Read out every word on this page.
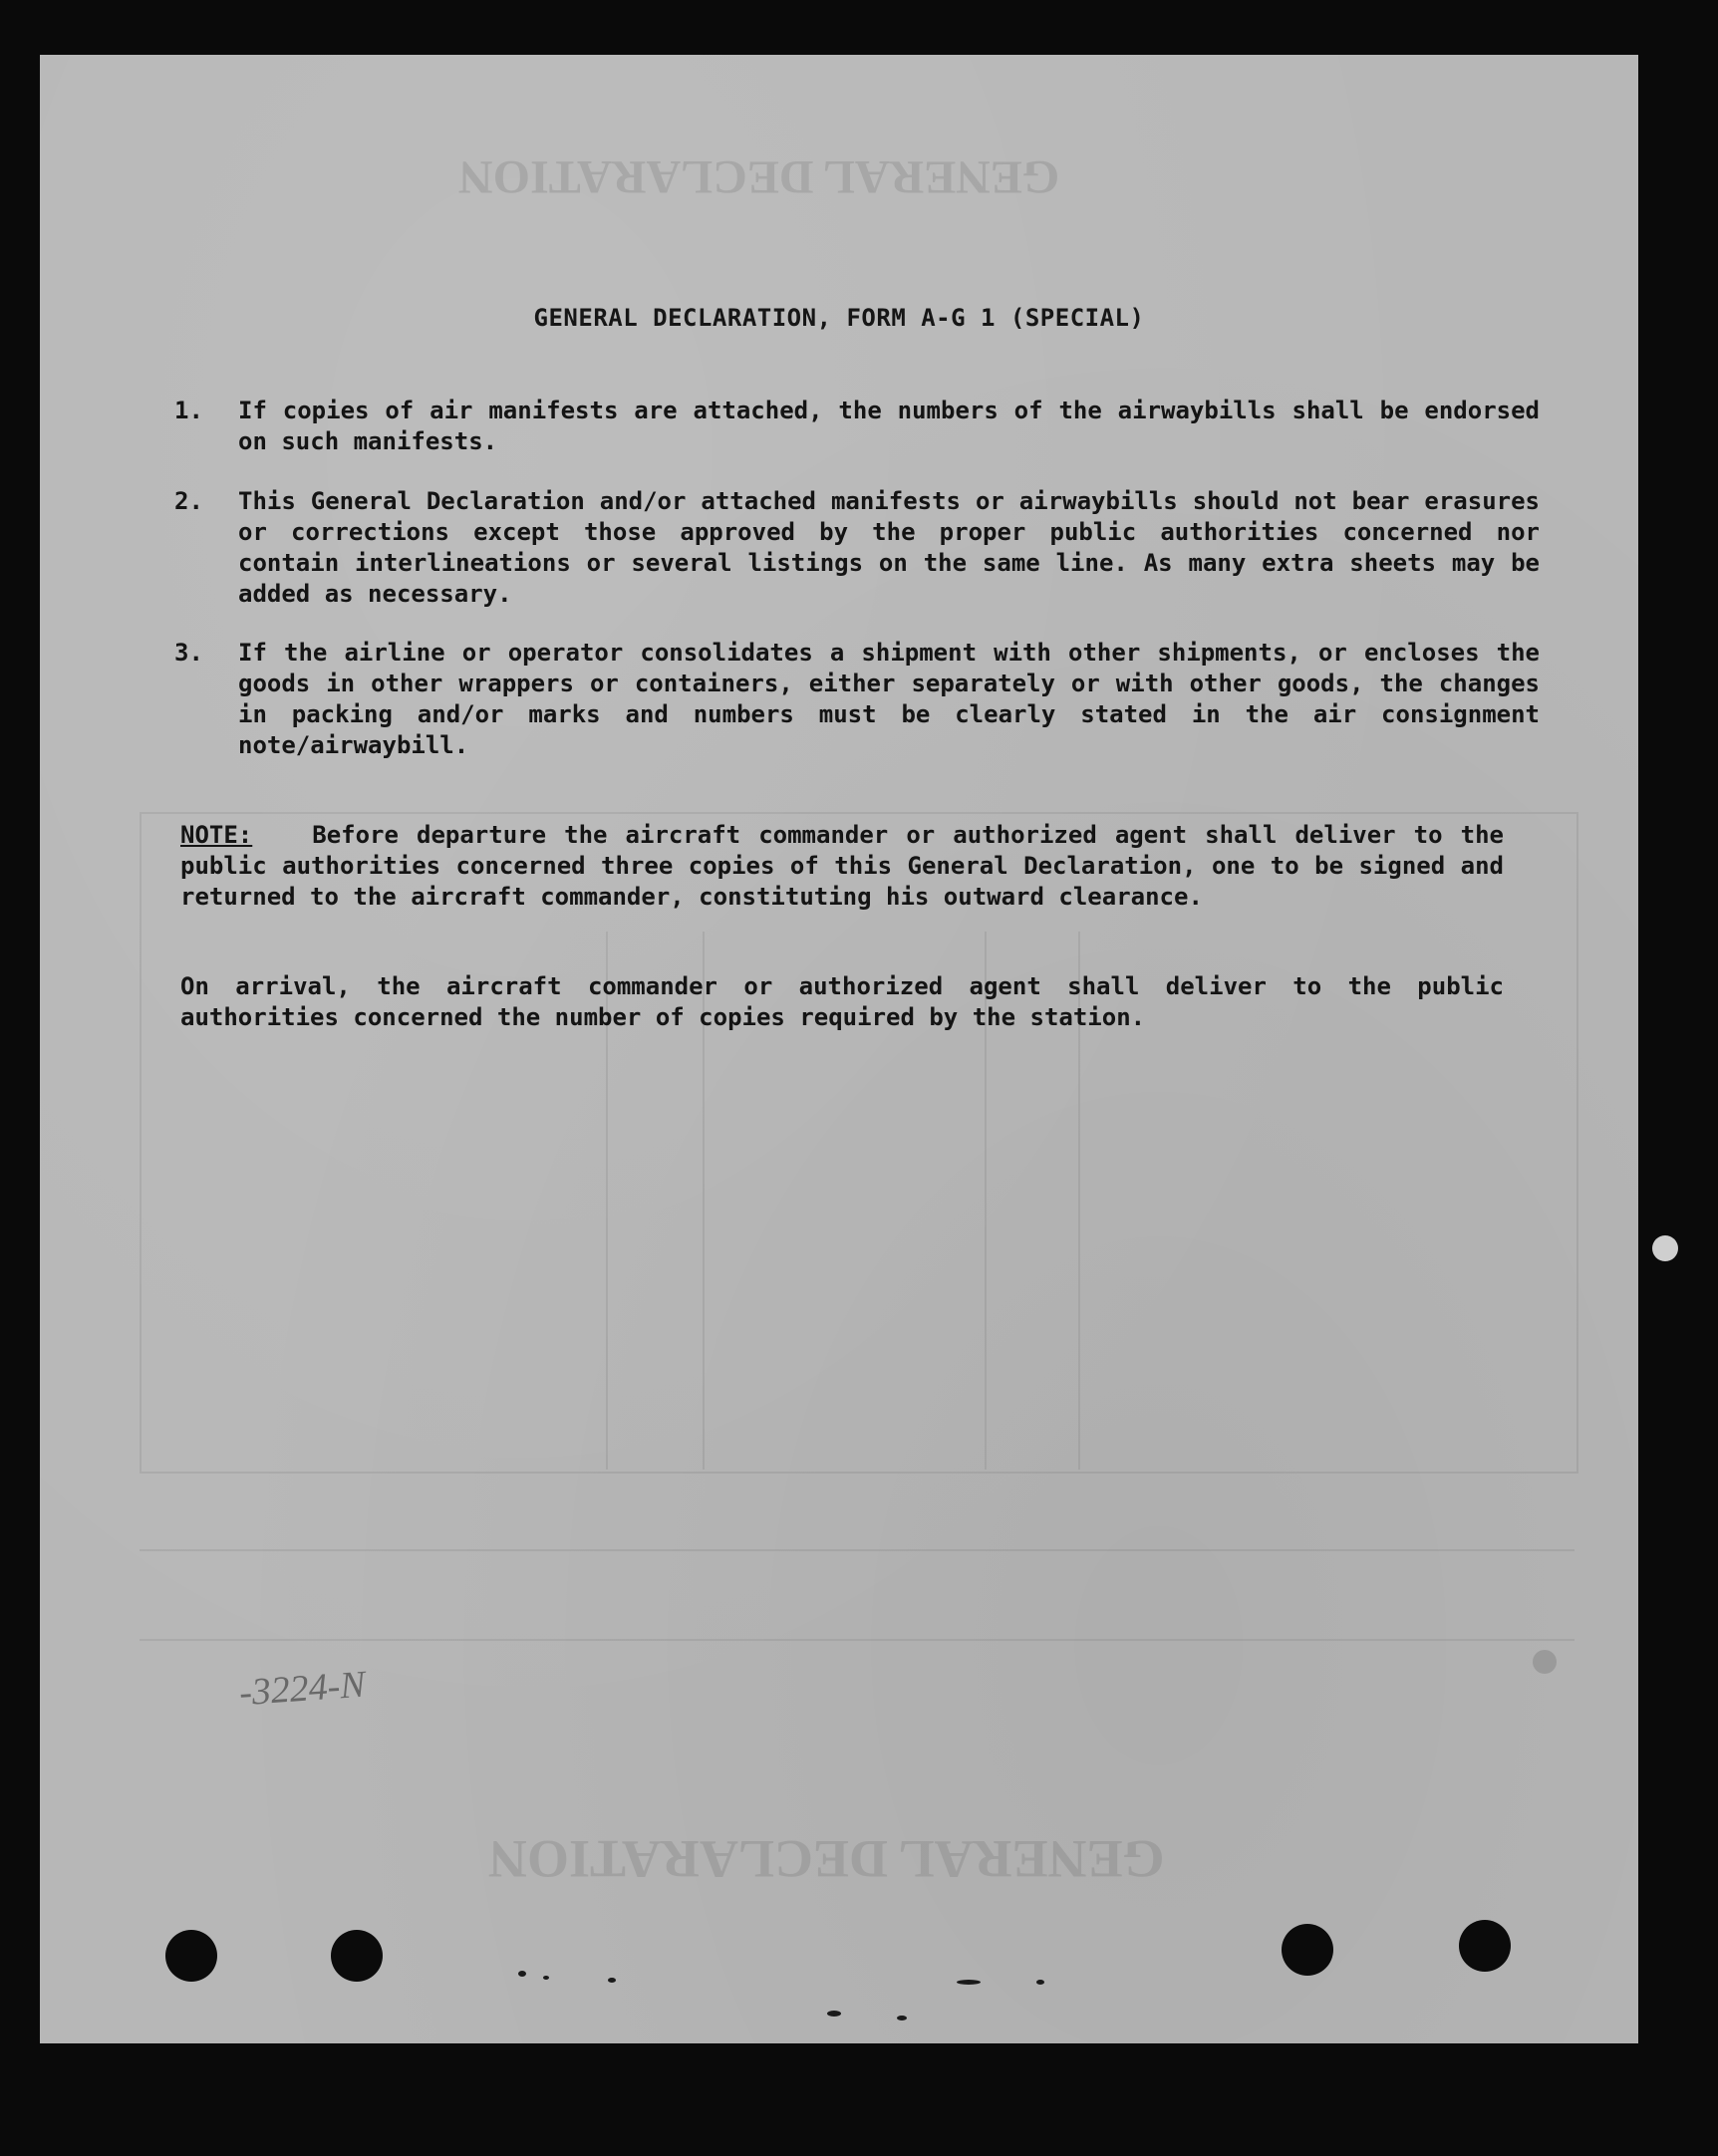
GENERAL DECLARATION
GENERAL DECLARATION
GENERAL DECLARATION, FORM A-G 1 (SPECIAL)
1.	If copies of air manifests are attached, the numbers of the airwaybills shall be endorsed on such manifests.
2.	This General Declaration and/or attached manifests or airwaybills should not bear erasures or corrections except those approved by the proper public authorities concerned nor contain interlineations or several listings on the same line. As many extra sheets may be added as necessary.
3.	If the airline or operator consolidates a shipment with other shipments, or encloses the goods in other wrappers or containers, either separately or with other goods, the changes in packing and/or marks and numbers must be clearly stated in the air consignment note/airwaybill.
NOTE:	Before departure the aircraft commander or authorized agent shall deliver to the public authorities concerned three copies of this General Declaration, one to be signed and returned to the aircraft commander, constituting his outward clearance.
On arrival, the aircraft commander or authorized agent shall deliver to the public authorities concerned the number of copies required by the station.
-3224-N
